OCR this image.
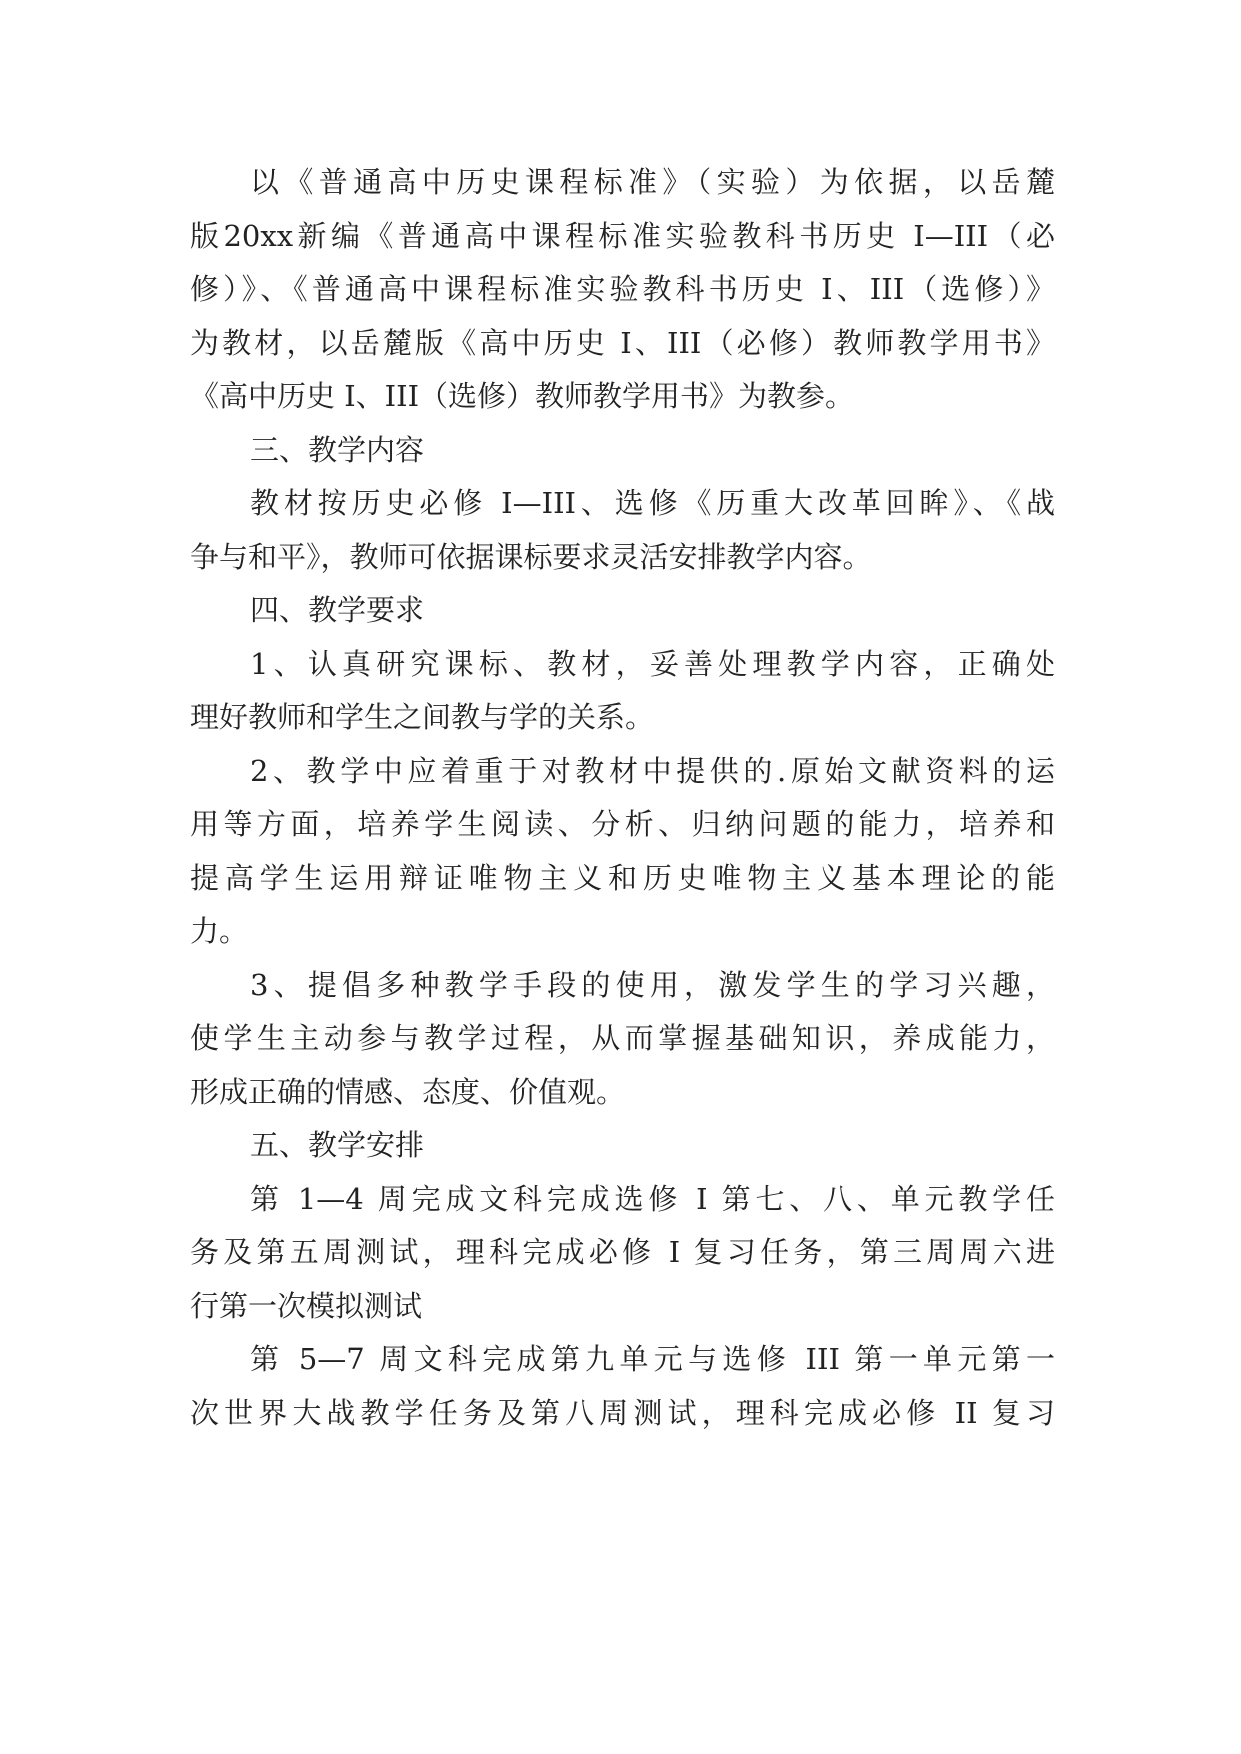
以《普通高中历史课程标准》（实验）为依据，以岳麓
版20xx新编《普通高中课程标准实验教科书历史 I—III（必
修）》、《普通高中课程标准实验教科书历史 I、III（选修）》
为教材，以岳麓版《高中历史 I、III（必修）教师教学用书》
《高中历史 I、III（选修）教师教学用书》为教参。
三、教学内容
教材按历史必修 I—III、选修《历重大改革回眸》、《战
争与和平》，教师可依据课标要求灵活安排教学内容。
四、教学要求
1、认真研究课标、教材，妥善处理教学内容，正确处
理好教师和学生之间教与学的关系。
2、教学中应着重于对教材中提供的.原始文献资料的运
用等方面，培养学生阅读、分析、归纳问题的能力，培养和
提高学生运用辩证唯物主义和历史唯物主义基本理论的能
力。
3、提倡多种教学手段的使用，激发学生的学习兴趣，
使学生主动参与教学过程，从而掌握基础知识，养成能力，
形成正确的情感、态度、价值观。
五、教学安排
第 1—4 周完成文科完成选修 I 第七、八、单元教学任
务及第五周测试，理科完成必修 I 复习任务，第三周周六进
行第一次模拟测试
第 5—7 周文科完成第九单元与选修 III 第一单元第一
次世界大战教学任务及第八周测试，理科完成必修 II 复习
